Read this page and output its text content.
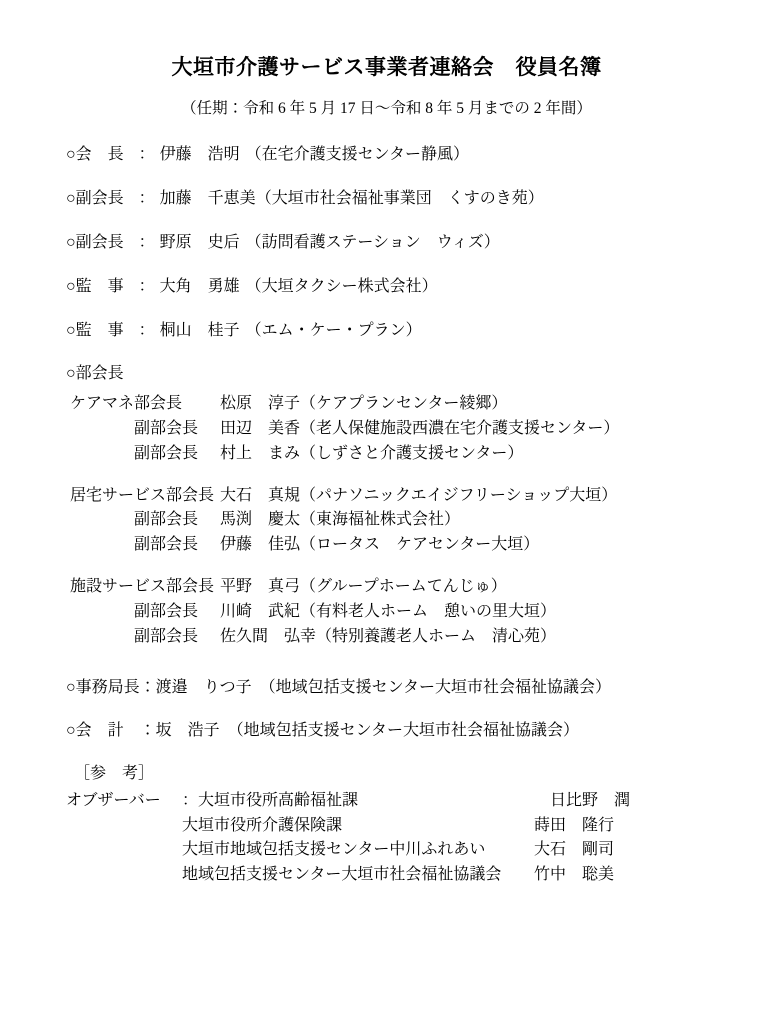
大垣市介護サービス事業者連絡会　役員名簿
（任期：令和 6 年 5 月 17 日～令和 8 年 5 月までの 2 年間）
○会　長 ： 伊藤　浩明 （在宅介護支援センター静風）
○副会長 ： 加藤　千恵美（大垣市社会福祉事業団　くすのき苑）
○副会長 ： 野原　史后 （訪問看護ステーション　ウィズ）
○監　事 ： 大角　勇雄 （大垣タクシー株式会社）
○監　事 ： 桐山　桂子 （エム・ケー・プラン）
○部会長
ケアマネ部会長 松原　淳子（ケアプランセンター綾郷）
副部会長 田辺　美香（老人保健施設西濃在宅介護支援センター）
副部会長 村上　まみ（しずさと介護支援センター）
居宅サービス部会長 大石　真規（パナソニックエイジフリーショップ大垣）
副部会長 馬渕　慶太（東海福祉株式会社）
副部会長 伊藤　佳弘（ロータス　ケアセンター大垣）
施設サービス部会長 平野　真弓（グループホームてんじゅ）
副部会長 川崎　武紀（有料老人ホーム　憩いの里大垣）
副部会長 佐久間　弘幸（特別養護老人ホーム　清心苑）
○事務局長：渡邉　りつ子　（地域包括支援センター大垣市社会福祉協議会）
○会　計　：坂　浩子　（地域包括支援センター大垣市社会福祉協議会）
［参　考］
オブザーバー ：大垣市役所高齢福祉課	日比野　潤
大垣市役所介護保険課	蒔田　隆行
大垣市地域包括支援センター中川ふれあい	大石　剛司
地域包括支援センター大垣市社会福祉協議会 竹中　聡美
